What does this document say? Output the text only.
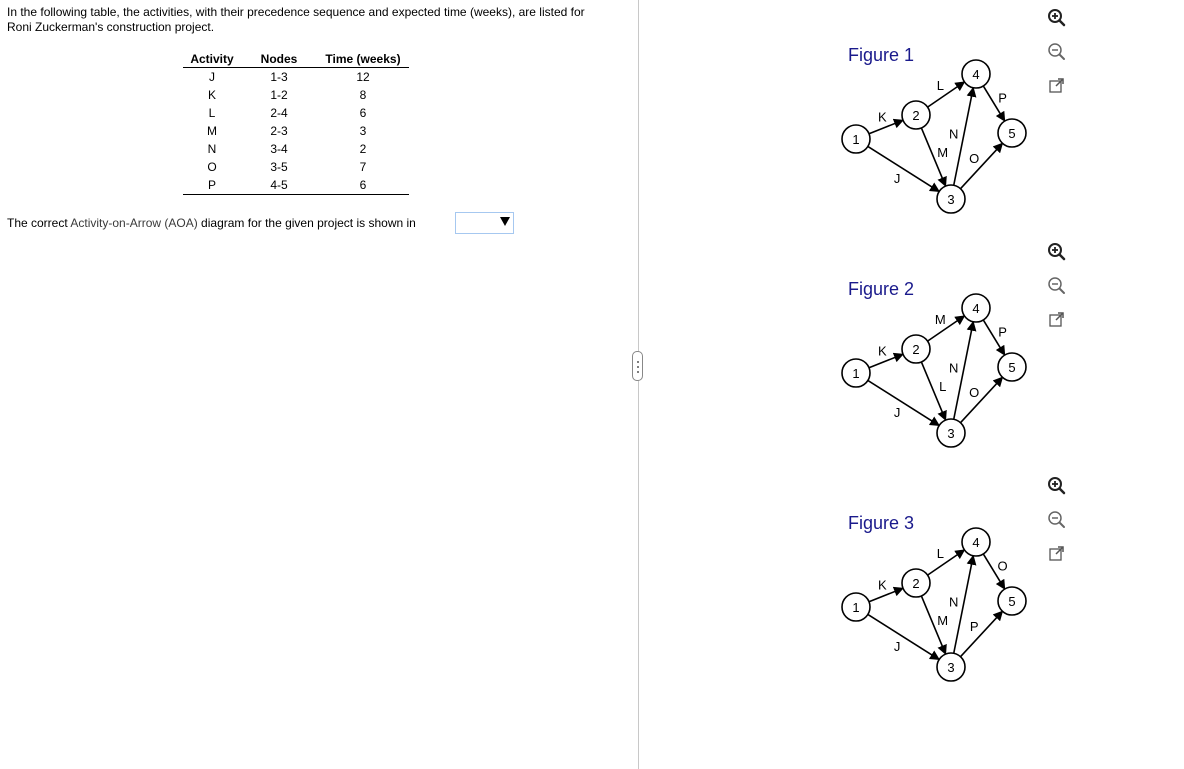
In the following table, the activities, with their precedence sequence and expected time (weeks), are listed for Roni Zuckerman's construction project.
Activity	Nodes	Time (weeks)
J	1-3	12
K	1-2	8
L	2-4	6
M	2-3	3
N	3-4	2
O	3-5	7
P	4-5	6
The correct Activity-on-Arrow (AOA) diagram for the given project is shown in
Figure 1
Figure 2
Figure 3
K
J
L
M
N
O
P
1
2
3
4
5
K
J
M
L
N
O
P
1
2
3
4
5
K
J
L
M
N
O
P
1
2
3
4
5
